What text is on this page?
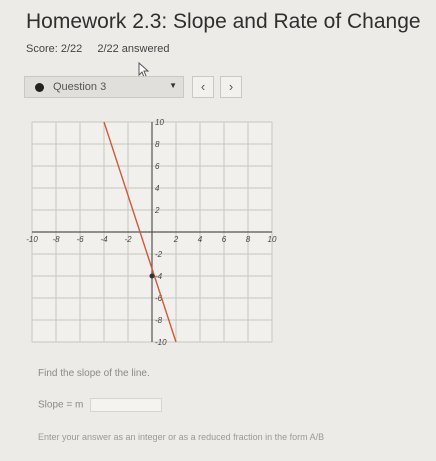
Homework 2.3: Slope and Rate of Change
Score: 2/22 2/22 answered
Question 3	▼	‹	›
-10 -8 -6 -4 -2	2 4 6 8 10
10
8
6
4
2
-2
-4
-6
-8
-10
Find the slope of the line.
Slope = m
Enter your answer as an integer or as a reduced fraction in the form A/B
